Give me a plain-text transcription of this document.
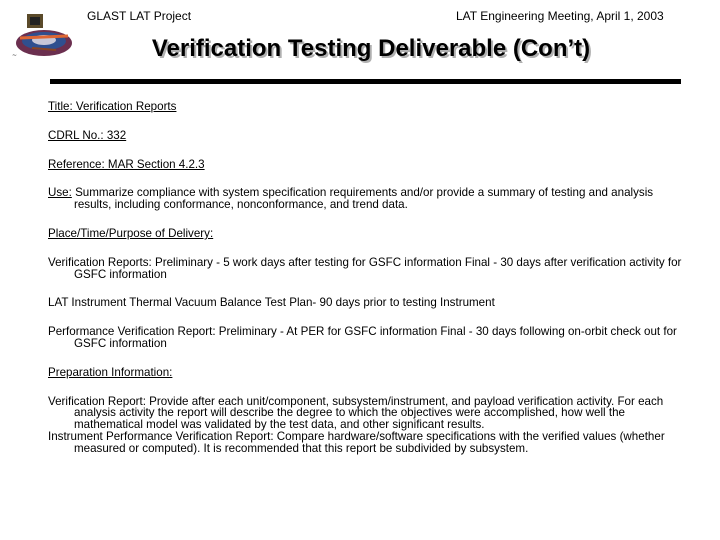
~
GLAST LAT Project	LAT Engineering Meeting, April 1, 2003
Verification Testing Deliverable (Con’t)
Title: Verification Reports
CDRL No.: 332
Reference: MAR Section 4.2.3
Use: Summarize compliance with system specification requirements and/or provide a summary of testing and analysis results, including conformance, nonconformance, and trend data.
Place/Time/Purpose of Delivery:
Verification Reports: Preliminary - 5 work days after testing for GSFC information Final - 30 days after verification activity for GSFC information
LAT Instrument Thermal Vacuum Balance Test Plan- 90 days prior to testing Instrument
Performance Verification Report: Preliminary - At PER for GSFC information Final - 30 days following on-orbit check out for GSFC information
Preparation Information:
Verification Report: Provide after each unit/component, subsystem/instrument, and payload verification activity. For each analysis activity the report will describe the degree to which the objectives were accomplished, how well the mathematical model was validated by the test data, and other significant results.
Instrument Performance Verification Report: Compare hardware/software specifications with the verified values (whether measured or computed). It is recommended that this report be subdivided by subsystem.
